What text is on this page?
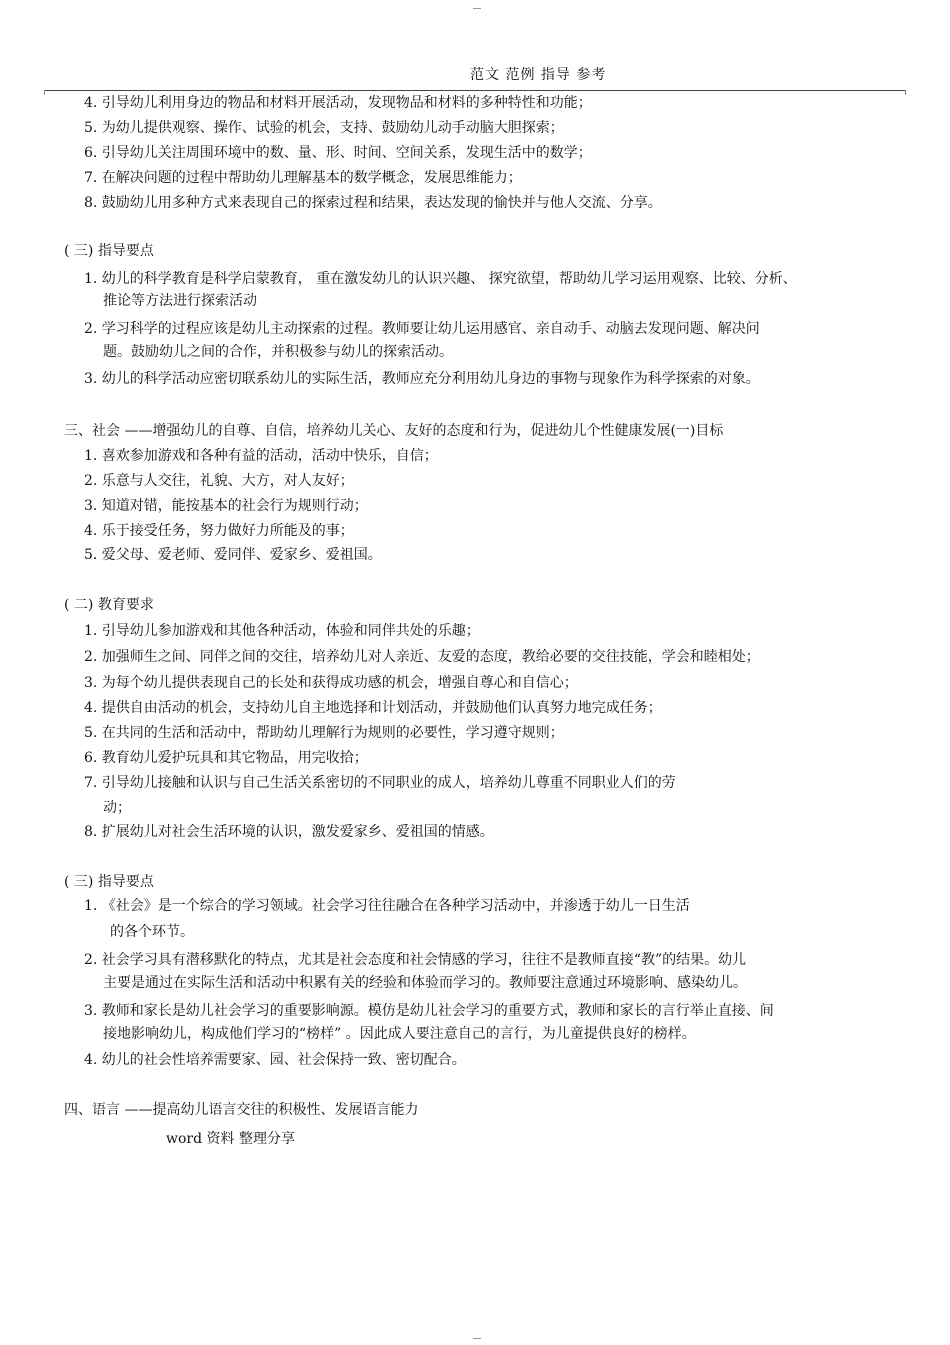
范文 范例 指导 参考
4. 引导幼儿利用身边的物品和材料开展活动，发现物品和材料的多种特性和功能；
5. 为幼儿提供观察、操作、试验的机会，支持、鼓励幼儿动手动脑大胆探索；
6. 引导幼儿关注周围环境中的数、量、形、时间、空间关系，发现生活中的数学；
7. 在解决问题的过程中帮助幼儿理解基本的数学概念，发展思维能力；
8. 鼓励幼儿用多种方式来表现自己的探索过程和结果，表达发现的愉快并与他人交流、分享。
( 三) 指导要点
1. 幼儿的科学教育是科学启蒙教育， 重在激发幼儿的认识兴趣、 探究欲望，帮助幼儿学习运用观察、比较、分析、
推论等方法进行探索活动
2. 学习科学的过程应该是幼儿主动探索的过程。教师要让幼儿运用感官、亲自动手、动脑去发现问题、解决问
题。鼓励幼儿之间的合作，并积极参与幼儿的探索活动。
3. 幼儿的科学活动应密切联系幼儿的实际生活，教师应充分利用幼儿身边的事物与现象作为科学探索的对象。
三、社会 ——增强幼儿的自尊、自信，培养幼儿关心、友好的态度和行为，促进幼儿个性健康发展(一)目标
1. 喜欢参加游戏和各种有益的活动，活动中快乐，自信；
2. 乐意与人交往，礼貌、大方，对人友好；
3. 知道对错，能按基本的社会行为规则行动；
4. 乐于接受任务，努力做好力所能及的事；
5. 爱父母、爱老师、爱同伴、爱家乡、爱祖国。
( 二) 教育要求
1. 引导幼儿参加游戏和其他各种活动，体验和同伴共处的乐趣；
2. 加强师生之间、同伴之间的交往，培养幼儿对人亲近、友爱的态度，教给必要的交往技能，学会和睦相处；
3. 为每个幼儿提供表现自己的长处和获得成功感的机会，增强自尊心和自信心；
4. 提供自由活动的机会，支持幼儿自主地选择和计划活动，并鼓励他们认真努力地完成任务；
5. 在共同的生活和活动中，帮助幼儿理解行为规则的必要性，学习遵守规则；
6. 教育幼儿爱护玩具和其它物品，用完收拾；
7. 引导幼儿接触和认识与自己生活关系密切的不同职业的成人，培养幼儿尊重不同职业人们的劳
动；
8. 扩展幼儿对社会生活环境的认识，激发爱家乡、爱祖国的情感。
( 三) 指导要点
1. 《社会》是一个综合的学习领域。社会学习往往融合在各种学习活动中，并渗透于幼儿一日生活
的各个环节。
2. 社会学习具有潜移默化的特点，尤其是社会态度和社会情感的学习，往往不是教师直接“教”的结果。幼儿
主要是通过在实际生活和活动中积累有关的经验和体验而学习的。教师要注意通过环境影响、感染幼儿。
3. 教师和家长是幼儿社会学习的重要影响源。模仿是幼儿社会学习的重要方式，教师和家长的言行举止直接、间
接地影响幼儿，构成他们学习的“榜样” 。因此成人要注意自己的言行，为儿童提供良好的榜样。
4. 幼儿的社会性培养需要家、园、社会保持一致、密切配合。
四、语言 ——提高幼儿语言交往的积极性、发展语言能力
word 资料 整理分享
